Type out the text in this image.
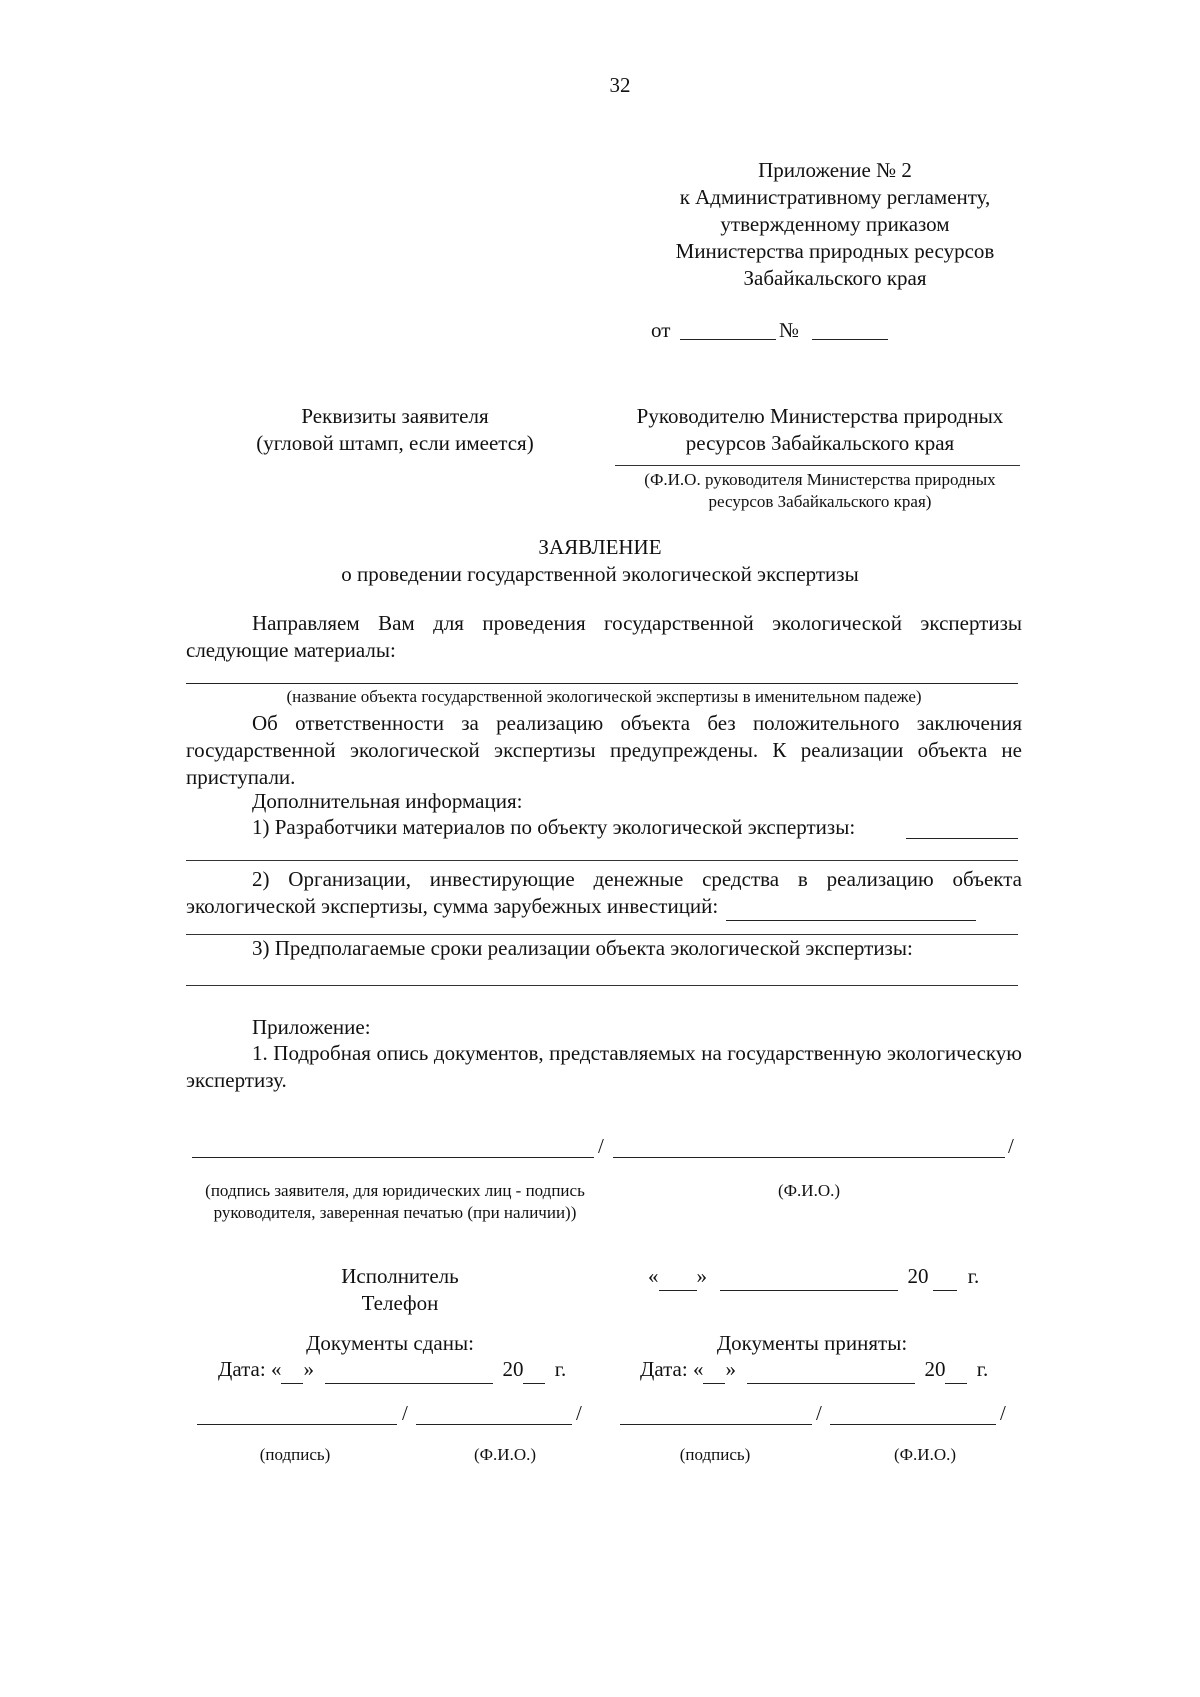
32
Приложение № 2
к Административному регламенту,
утвержденному приказом
Министерства природных ресурсов
Забайкальского края
от	№
Реквизиты заявителя
(угловой штамп, если имеется)
Руководителю Министерства природных
ресурсов Забайкальского края
(Ф.И.О. руководителя Министерства природных
ресурсов Забайкальского края)
ЗАЯВЛЕНИЕ
о проведении государственной экологической экспертизы
Направляем Вам для проведения государственной экологической экспертизы следующие материалы:
(название объекта государственной экологической экспертизы в именительном падеже)
Об ответственности за реализацию объекта без положительного заключения государственной экологической экспертизы предупреждены. К реализации объекта не приступали.
Дополнительная информация:
1) Разработчики материалов по объекту экологической экспертизы:
2) Организации, инвестирующие денежные средства в реализацию объекта экологической экспертизы, сумма зарубежных инвестиций:
3) Предполагаемые сроки реализации объекта экологической экспертизы:
Приложение:
1. Подробная опись документов, представляемых на государственную экологическую экспертизу.
/	/
(подпись заявителя, для юридических лиц - подпись руководителя, заверенная печатью (при наличии))
(Ф.И.О.)
Исполнитель
Телефон
« »	20 г.
Документы сданы:
Дата: « »	20 г.
Документы приняты:
Дата: « »	20 г.
/	/	/	/
(подпись)	(Ф.И.О.)	(подпись)	(Ф.И.О.)
